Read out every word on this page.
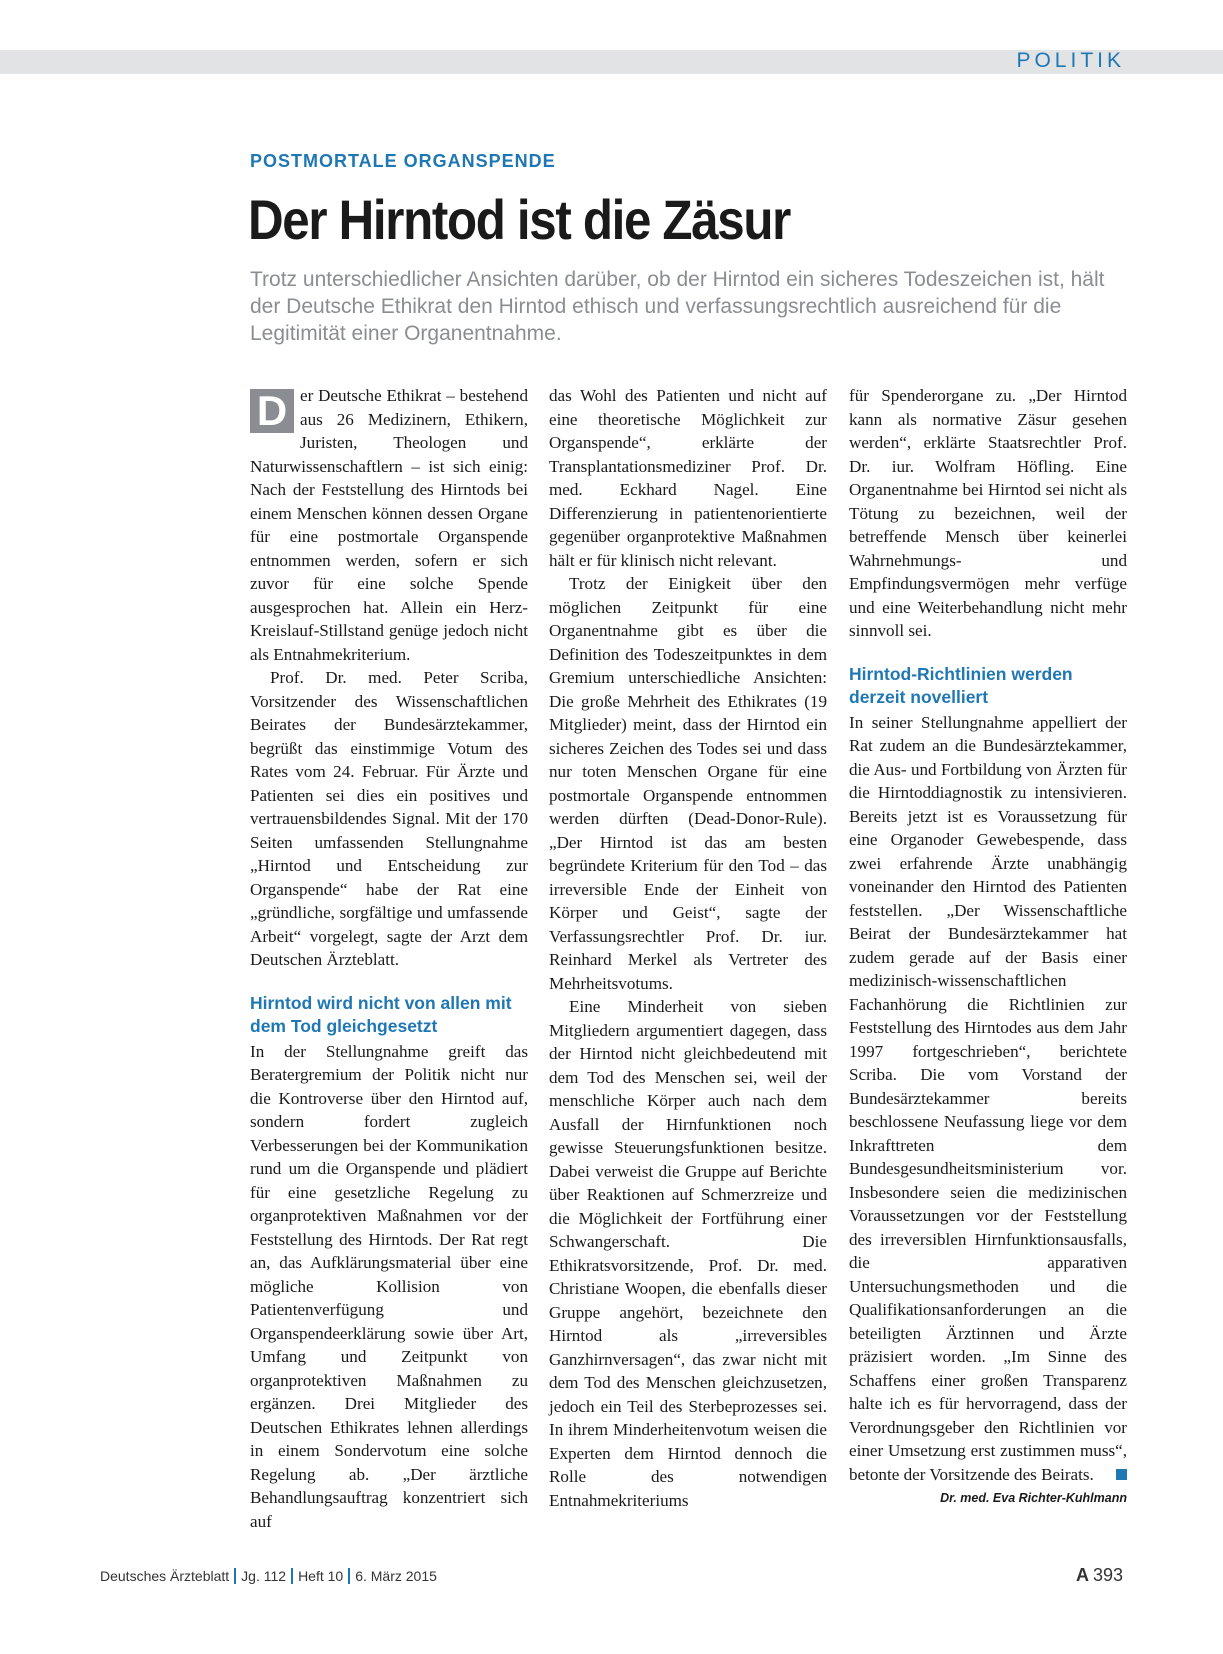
POLITIK
POSTMORTALE ORGANSPENDE
Der Hirntod ist die Zäsur

Trotz unterschiedlicher Ansichten darüber, ob der Hirntod ein sicheres Todeszeichen ist, hält der Deutsche Ethikrat den Hirntod ethisch und verfassungsrechtlich ausreichend für die Legitimität einer Organentnahme.

D er Deutsche Ethikrat – bestehend aus 26 Medizinern, Ethikern, Juristen, Theologen und Naturwissenschaftlern – ist sich einig: Nach der Feststellung des Hirntods bei einem Menschen können dessen Organe für eine postmortale Organspende entnommen werden, sofern er sich zuvor für eine solche Spende ausgesprochen hat. Allein ein Herz-Kreislauf-Stillstand genüge jedoch nicht als Entnahmekriterium.

Prof. Dr. med. Peter Scriba, Vorsitzender des Wissenschaftlichen Beirates der Bundesärztekammer, begrüßt das einstimmige Votum des Rates vom 24. Februar. Für Ärzte und Patienten sei dies ein positives und vertrauensbildendes Signal. Mit der 170 Seiten umfassenden Stellungnahme „Hirntod und Entscheidung zur Organspende“ habe der Rat eine „gründliche, sorgfältige und umfassende Arbeit“ vorgelegt, sagte der Arzt dem Deutschen Ärzteblatt.

Hirntod wird nicht von allen mit dem Tod gleichgesetzt

In der Stellungnahme greift das Beratergremium der Politik nicht nur die Kontroverse über den Hirntod auf, sondern fordert zugleich Verbesserungen bei der Kommunikation rund um die Organspende und plädiert für eine gesetzliche Regelung zu organprotektiven Maßnahmen vor der Feststellung des Hirntods. Der Rat regt an, das Aufklärungsmaterial über eine mögliche Kollision von Patientenverfügung und Organspendeerklärung sowie über Art, Umfang und Zeitpunkt von organprotektiven Maßnahmen zu ergänzen. Drei Mitglieder des Deutschen Ethikrates lehnen allerdings in einem Sondervotum eine solche Regelung ab. „Der ärztliche Behandlungsauftrag konzentriert sich auf

das Wohl des Patienten und nicht auf eine theoretische Möglichkeit zur Organspende“, erklärte der Transplantationsmediziner Prof. Dr. med. Eckhard Nagel. Eine Differenzierung in patientenorientierte gegenüber organprotektive Maßnahmen hält er für klinisch nicht relevant.

Trotz der Einigkeit über den möglichen Zeitpunkt für eine Organentnahme gibt es über die Definition des Todeszeitpunktes in dem Gremium unterschiedliche Ansichten: Die große Mehrheit des Ethikrates (19 Mitglieder) meint, dass der Hirntod ein sicheres Zeichen des Todes sei und dass nur toten Menschen Organe für eine postmortale Organspende entnommen werden dürften (Dead-Donor-Rule). „Der Hirntod ist das am besten begründete Kriterium für den Tod – das irreversible Ende der Einheit von Körper und Geist“, sagte der Verfassungsrechtler Prof. Dr. iur. Reinhard Merkel als Vertreter des Mehrheitsvotums.

Eine Minderheit von sieben Mitgliedern argumentiert dagegen, dass der Hirntod nicht gleichbedeutend mit dem Tod des Menschen sei, weil der menschliche Körper auch nach dem Ausfall der Hirnfunktionen noch gewisse Steuerungsfunktionen besitze. Dabei verweist die Gruppe auf Berichte über Reaktionen auf Schmerzreize und die Möglichkeit der Fortführung einer Schwangerschaft. Die Ethikratsvorsitzende, Prof. Dr. med. Christiane Woopen, die ebenfalls dieser Gruppe angehört, bezeichnete den Hirntod als „irreversibles Ganzhirnversagen“, das zwar nicht mit dem Tod des Menschen gleichzusetzen, jedoch ein Teil des Sterbeprozesses sei. In ihrem Minderheitenvotum weisen die Experten dem Hirntod dennoch die Rolle des notwendigen Entnahmekriteriums

für Spenderorgane zu. „Der Hirntod kann als normative Zäsur gesehen werden“, erklärte Staatsrechtler Prof. Dr. iur. Wolfram Höfling. Eine Organentnahme bei Hirntod sei nicht als Tötung zu bezeichnen, weil der betreffende Mensch über keinerlei Wahrnehmungs- und Empfindungsvermögen mehr verfüge und eine Weiterbehandlung nicht mehr sinnvoll sei.

Hirntod-Richtlinien werden derzeit novelliert

In seiner Stellungnahme appelliert der Rat zudem an die Bundesärztekammer, die Aus- und Fortbildung von Ärzten für die Hirntoddiagnostik zu intensivieren. Bereits jetzt ist es Voraussetzung für eine Organoder Gewebespende, dass zwei erfahrende Ärzte unabhängig voneinander den Hirntod des Patienten feststellen. „Der Wissenschaftliche Beirat der Bundesärztekammer hat zudem gerade auf der Basis einer medizinisch-wissenschaftlichen Fachanhörung die Richtlinien zur Feststellung des Hirntodes aus dem Jahr 1997 fortgeschrieben“, berichtete Scriba. Die vom Vorstand der Bundesärztekammer bereits beschlossene Neufassung liege vor dem Inkrafttreten dem Bundesgesundheitsministerium vor. Insbesondere seien die medizinischen Voraussetzungen vor der Feststellung des irreversiblen Hirnfunktionsausfalls, die apparativen Untersuchungsmethoden und die Qualifikationsanforderungen an die beteiligten Ärztinnen und Ärzte präzisiert worden. „Im Sinne des Schaffens einer großen Transparenz halte ich es für hervorragend, dass der Verordnungsgeber den Richtlinien vor einer Umsetzung erst zustimmen muss“, betonte der Vorsitzende des Beirats.

Dr. med. Eva Richter-Kuhlmann
Deutsches Ärzteblatt Jg. 112 Heft 10 6. März 2015	A 393
